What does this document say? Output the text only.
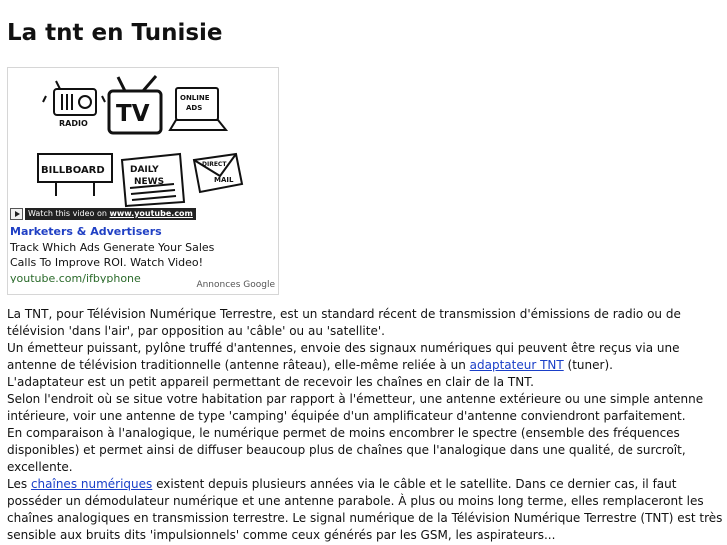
La tnt en Tunisie
RADIO TV
ONLINE
ADS
BILLBOARD	DAILY
NEWS
DIRECT
MAIL
Watch this video on www.youtube.com
Marketers & Advertisers
Track Which Ads Generate Your Sales
Calls To Improve ROI. Watch Video!
youtube.com/ifbyphone
Annonces Google

La TNT, pour Télévision Numérique Terrestre, est un standard récent de transmission d'émissions de radio ou de télévision 'dans l'air', par opposition au 'câble' ou au 'satellite'.

Un émetteur puissant, pylône truffé d'antennes, envoie des signaux numériques qui peuvent être reçus via une antenne de télévision traditionnelle (antenne râteau), elle-même reliée à un adaptateur TNT (tuner).

L'adaptateur est un petit appareil permettant de recevoir les chaînes en clair de la TNT.

Selon l'endroit où se situe votre habitation par rapport à l'émetteur, une antenne extérieure ou une simple antenne intérieure, voir une antenne de type 'camping' équipée d'un amplificateur d'antenne conviendront parfaitement.

En comparaison à l'analogique, le numérique permet de moins encombrer le spectre (ensemble des fréquences disponibles) et permet ainsi de diffuser beaucoup plus de chaînes que l'analogique dans une qualité, de surcroît, excellente.

Les chaînes numériques existent depuis plusieurs années via le câble et le satellite. Dans ce dernier cas, il faut posséder un démodulateur numérique et une antenne parabole. À plus ou moins long terme, elles remplaceront les chaînes analogiques en transmission terrestre. Le signal numérique de la Télévision Numérique Terrestre (TNT) est très sensible aux bruits dits 'impulsionnels' comme ceux générés par les GSM, les aspirateurs...
